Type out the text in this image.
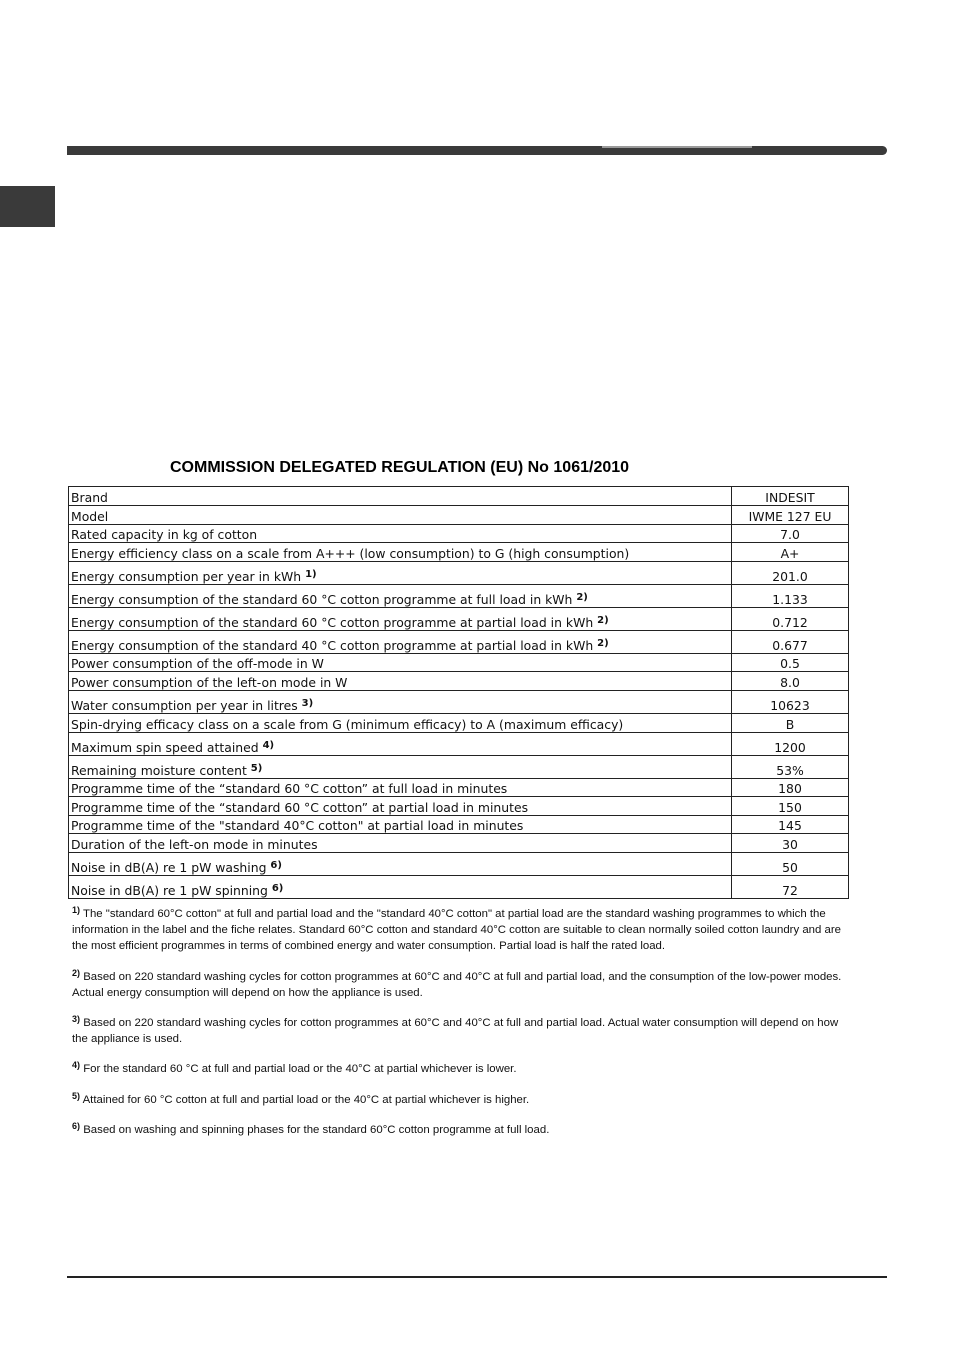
COMMISSION DELEGATED REGULATION (EU) No 1061/2010
Brand	INDESIT
Model	IWME 127 EU
Rated capacity in kg of cotton	7.0
Energy efficiency class on a scale from A+++ (low consumption) to G (high consumption)	A+
Energy consumption per year in kWh $^{1)}$	201.0
Energy consumption of the standard 60 °C cotton programme at full load in kWh $^{2)}$	1.133
Energy consumption of the standard 60 °C cotton programme at partial load in kWh $^{2)}$	0.712
Energy consumption of the standard 40 °C cotton programme at partial load in kWh $^{2)}$	0.677
Power consumption of the off-mode in W	0.5
Power consumption of the left-on mode in W	8.0
Water consumption per year in litres $^{3)}$	10623
Spin-drying efficacy class on a scale from G (minimum efficacy) to A (maximum efficacy)	B
Maximum spin speed attained $^{4)}$	1200
Remaining moisture content $^{5)}$	53%
Programme time of the “standard 60 °C cotton” at full load in minutes	180
Programme time of the “standard 60 °C cotton” at partial load in minutes	150
Programme time of the "standard 40°C cotton" at partial load in minutes	145
Duration of the left-on mode in minutes	30
Noise in dB(A) re 1 pW washing $^{6)}$	50
Noise in dB(A) re 1 pW spinning $^{6)}$	72

$^{1)}$ The "standard 60°C cotton" at full and partial load and the "standard 40°C cotton" at partial load are the standard washing programmes to which the information in the label and the fiche relates. Standard 60°C cotton and standard 40°C cotton are suitable to clean normally soiled cotton laundry and are the most efficient programmes in terms of combined energy and water consumption. Partial load is half the rated load.

$^{2)}$ Based on 220 standard washing cycles for cotton programmes at 60°C and 40°C at full and partial load, and the consumption of the low-power modes. Actual energy consumption will depend on how the appliance is used.

$^{3)}$ Based on 220 standard washing cycles for cotton programmes at 60°C and 40°C at full and partial load. Actual water consumption will depend on how the appliance is used.

$^{4)}$ For the standard 60 °C at full and partial load or the 40°C at partial whichever is lower.

$^{5)}$ Attained for 60 °C cotton at full and partial load or the 40°C at partial whichever is higher.

$^{6)}$ Based on washing and spinning phases for the standard 60°C cotton programme at full load.
